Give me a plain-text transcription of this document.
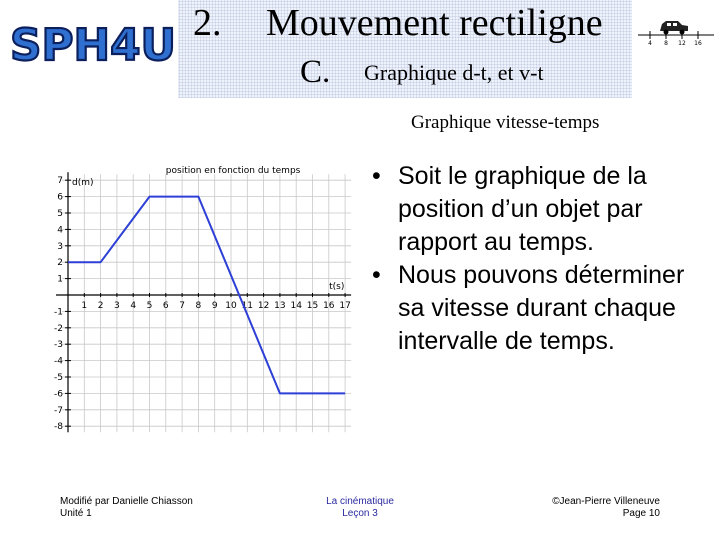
SPH4U 2. Mouvement rectiligne
C. Graphique d-t, et v-t
4 8 12 16
Graphique vitesse-temps
1 2 3 4 5 6 7 8 9 10 11 12 13 14 15 16 17
7
6
5
4
3
2
1
-1
-2
-3
-4
-5
-6
-7
-8
d(m)
t(s)
position en fonction du temps	• Soit le graphique de la position d’un objet par rapport au temps.
• Nous pouvons déterminer sa vitesse durant chaque intervalle de temps.
Modifié par Danielle Chiasson
Unité 1
La cinématique
Leçon 3
©Jean-Pierre Villeneuve
Page 10
